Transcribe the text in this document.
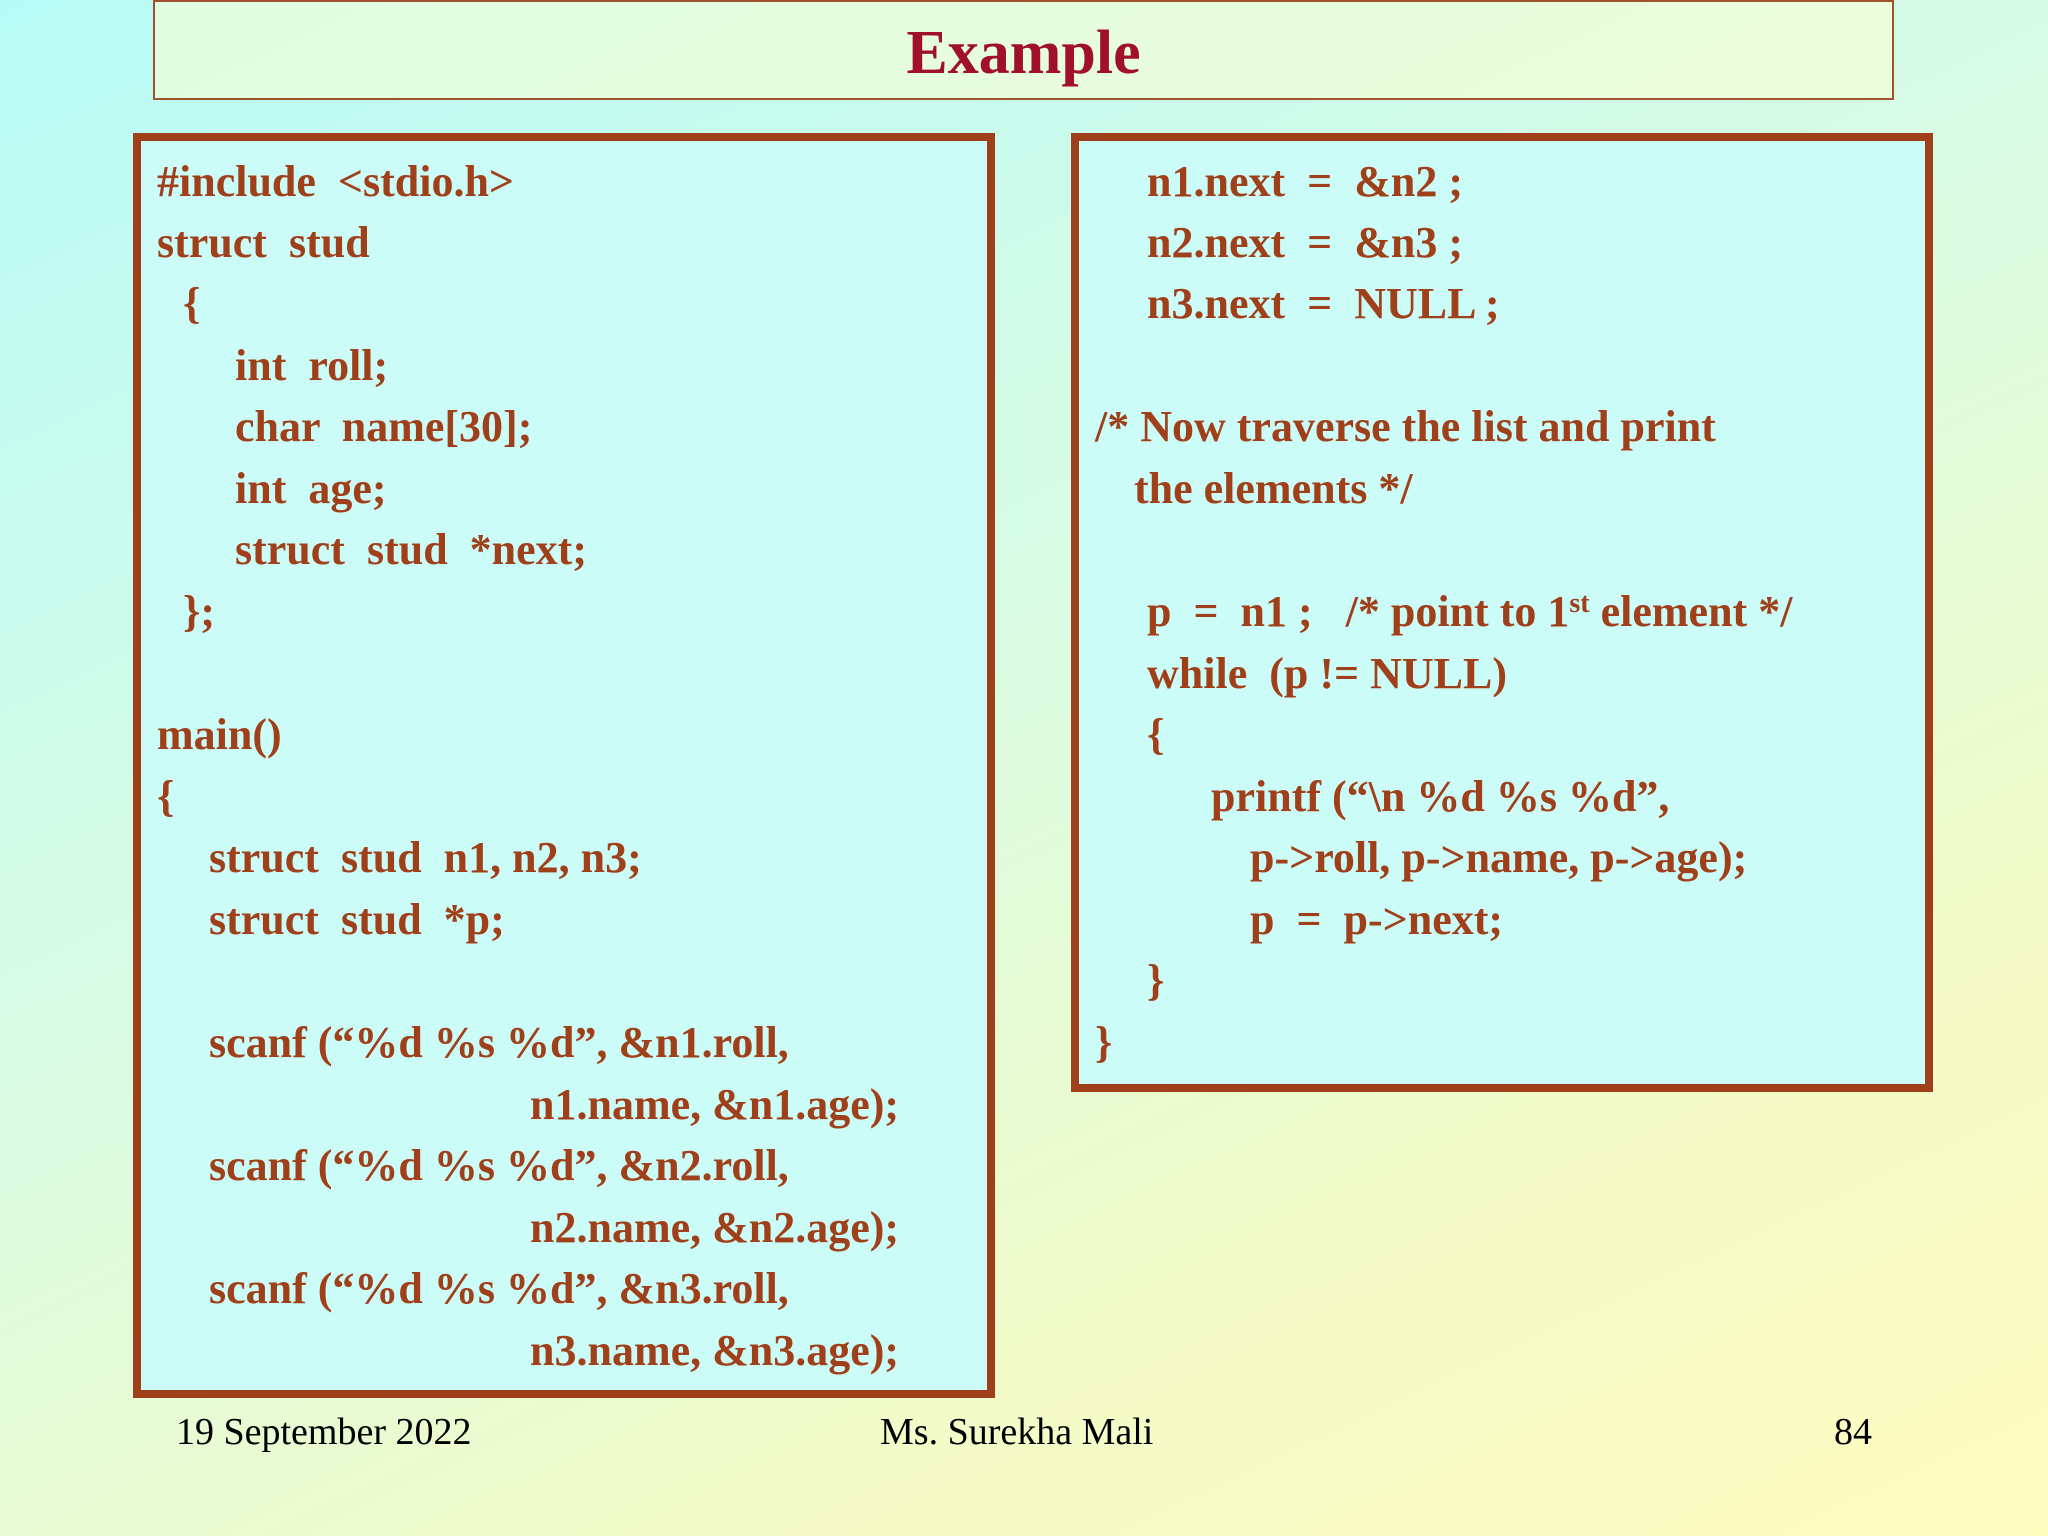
Example
#include  <stdio.h>
struct  stud
{
int  roll;
char  name[30];
int  age;
struct  stud  *next;
};
main()
{
struct  stud  n1, n2, n3;
struct  stud  *p;
scanf (“%d %s %d”, &n1.roll,
n1.name, &n1.age);
scanf (“%d %s %d”, &n2.roll,
n2.name, &n2.age);
scanf (“%d %s %d”, &n3.roll,
n3.name, &n3.age);
n1.next  =  &n2 ;
n2.next  =  &n3 ;
n3.next  =  NULL ;
/* Now traverse the list and print
the elements */
p  =  n1 ;   /* point to 1st element */
while  (p != NULL)
{
printf (“\n %d %s %d”,
p->roll, p->name, p->age);
p  =  p->next;
}
}
19 September 2022	Ms. Surekha Mali	84
